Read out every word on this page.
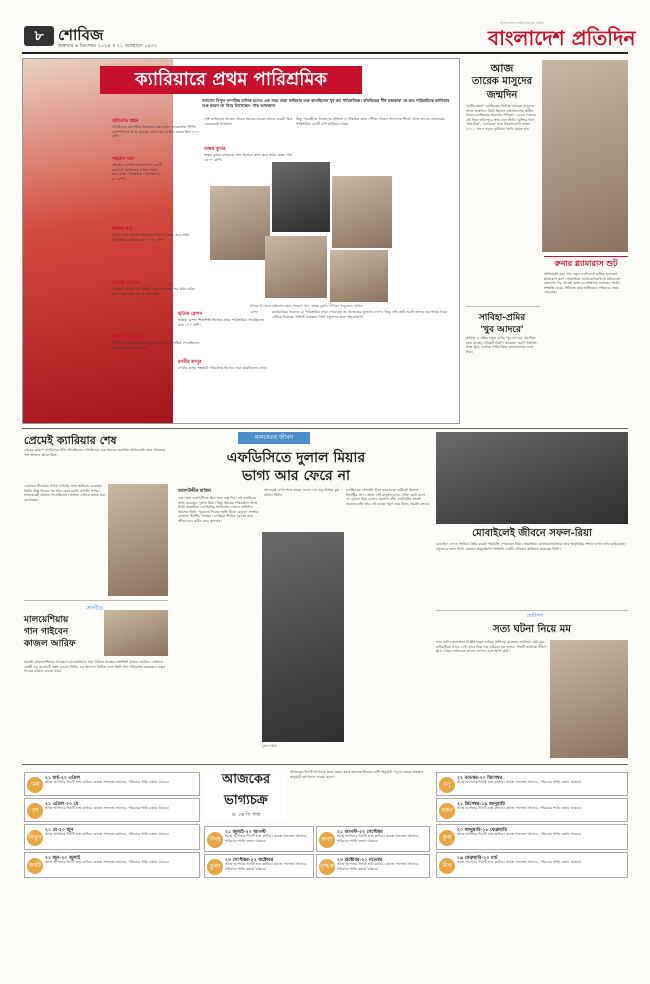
৮ শোবিজ
শুক্রবার ৬ ডিসেম্বর ২০২৪ ॥ ২১ অগ্রহায়ণ ১৪৩১
বাংলাদেশের সর্বাধিক প্রচারিত দৈনিক
বাংলাদেশ প্রতিদিন
ক্যারিয়ারে প্রথম পারিশ্রমিক
বর্তমানে বিপুল সম্পত্তির মালিক হলেও এক সময় তারা কারিয়ার শুরু করেছিলেন খুব কম পারিশ্রমিকে। বলিউডের শীর্ষ তারকারা কে কত পারিশ্রমিকে ক্যারিয়ার শুরু করেন তা নিয়ে লিখেছেন- পান্থ আফজাল
অমিতাভ বচ্চন
বলিউডের মেগাস্টার অমিতাভ বচ্চন যখন কলকাতায় শিপিং কোম্পানিতে কাজ করতেন তখন তার মাসিক বেতন ছিল ৫০০ রুপি।
শাহরুখ খান
বলিউড বাদশাহ শাহরুখ খান একটি কনসার্টে অ্যাশারের দায়িত্ব পালন করে প্রথম পারিশ্রমিক পেয়েছিলেন ৫০ রুপি।
আমির খান
আমির খান সহকারী পরিচালক হিসেবে কাজ করে প্রথম পারিশ্রমিক পেয়েছিলেন ১০০০ রুপি।
প্রিয়াঙ্কা চোপড়া
প্রিয়াঙ্কা চোপড়া মিস ওয়ার্ল্ড খেতাব জেতার পর প্রথম ছবির জন্য পারিশ্রমিক পান ৫ লাখ রুপি।
দীপিকা পাড়ুকোন
দীপিকা পাড়ুকোন মডেল হিসেবে প্রথম পারিশ্রমিক পেয়েছিলেন মাত্র কয়েক হাজার রুপি।
সেই তালিকায় আছেন আরও অনেক তারকা যাদের শুরুটা ছিল একেবারেই সাধারণ।
অক্ষয় কুমার
অক্ষয় কুমার ব্যাংককে শেফ হিসেবে কাজ করে প্রথম বেতন পান ১৫০০ রুপি।
কিন্তু পরবর্তীতে নিজেদের প্রতিভা ও পরিশ্রমে তারা পৌঁছে গেছেন সাফল্যের শীর্ষে। আজ তাদের প্রত্যেকের পারিশ্রমিক কোটি রুপি ছাড়িয়ে গেছে।
উপরে বাঁ থেকে অমিতাভ বচ্চন, শাহরুখ খান, অক্ষয় কুমার, দীপিকা পাড়ুকোন, হৃতিক রোশন
হৃতিক রোশন
হৃতিক রোশন শিশুশিল্পী হিসেবে প্রথম পারিশ্রমিক পেয়েছিলেন মাত্র ১০০ রুপি।
রণবীর কাপুর
রণবীর কাপুর সহকারী পরিচালক হিসেবে শুরু করেছিলেন কাজ।
ক্যারিয়ারের শুরুতে যে পারিশ্রমিক তারা পেয়েছেন তা আজকের তুলনায় নগণ্য। কিন্তু সেই ছোট শুরুই তাদের বড় স্বপ্নের দিকে এগিয়ে দিয়েছে। প্রতিটি তারকার গল্পই নতুনদের জন্য অনুপ্রেরণা।
আজ
তারেক মাসুদের
জন্মদিন
'মাটির ময়না' চলচ্চিত্রের নির্মাতা তারেক মাসুদের আজ জন্মদিন। তিনি ছিলেন বাংলাদেশের স্বাধীন ধারার চলচ্চিত্রের অন্যতম পথিকৃৎ। ১৯৫৬ সালের এই দিনে ফরিদপুরে জন্ম নেন তিনি। 'মুক্তির গান', 'অন্তর্যাত্রা', 'রানওয়ে' তার উল্লেখযোগ্য কাজ। ২০১১ সালে সড়ক দুর্ঘটনায় তিনি প্রয়াত হন।
সাবিহা-প্রমির
'খুব আদরে'
সাবিহা ও প্রমির নতুন নাটক 'খুব আদরে' প্রচারিত হতে যাচ্ছে। নাটকটি নির্মাণ করেছেন তরুণ নির্মাতা। গল্পে উঠে এসেছে পারিবারিক ভালোবাসার নানা দিক।
রুনার গ্ল্যামারাস শুট
অভিনেত্রী রুনা খান নতুন ফটোশুটে হাজির হয়েছেন গ্ল্যামারাস রূপে। সামাজিক যোগাযোগমাধ্যমে ছবিগুলো প্রকাশের পর থেকেই ভক্তদের প্রশংসায় ভাসছেন তিনি। সম্প্রতি ওয়েব সিরিজে তার অভিনয়ও দর্শকদের নজর কেড়েছে।
প্রেমেই ক্যারিয়ার শেষ
প্রেমের কারণে ক্যারিয়ারে ইতি টেনেছিলেন বলিউডের এক সময়ের জনপ্রিয় অভিনেত্রী। তার জীবনের গল্প আজও আলোচিত।
একসময় সিনেমার পর্দায় দাপটের সঙ্গে অভিনয় করেছেন তিনি। কিন্তু বিয়ের পর আর ফেরা হয়নি রুপালি পর্দায়। সংসারকেই প্রাধান্য দিয়েছিলেন। ভক্তরা এখনও তাকে মনে রেখেছেন।
সংগীত
মালয়েশিয়ায়
গান গাইবেন
কাজল আরিফ
প্রবাসী বাংলাদেশিদের আমন্ত্রণে মালয়েশিয়ায় গান গাইতে যাচ্ছেন কণ্ঠশিল্পী কাজল আরিফ। সেখানে একটি বড় কনসার্টে অংশ নেবেন তিনি। এর আগেও বিভিন্ন দেশে তিনি গান পরিবেশন করেছেন। নতুন গানের কাজও চলছে তার।
মানবেতর জীবন
এফডিসিতে দুলাল মিয়ার
ভাগ্য আর ফেরে না
আলাউদ্দীন মাজিদ
এক সময় এফডিসিতে ছিল তার ব্যস্ত দিন। বহু চলচ্চিত্রে কাজ করেছেন দুলাল মিয়া। কিন্তু সময়ের পরিবর্তনে আজ তিনি কাজহীন। এফডিসির আঙিনায় এখনও প্রতিদিন আসেন তিনি, পুরোনো দিনের স্মৃতি খুঁজে বেড়ান। সংসার চালাতে হিমশিম খাচ্ছেন। চলচ্চিত্র শিল্পের দুরবস্থা তার জীবনকেও কঠিন করে তুলেছে।
অনেকেই এখন আর তাকে চেনেন না। তবু আশায় বুক বাঁধেন তিনি।
দুলাল মিয়া
চলচ্চিত্রের সোনালি দিনে তার মতো কর্মীরাই ছিলেন ইন্ডাস্ট্রির প্রাণ। আজ সেই মানুষগুলোর খোঁজ কেউ রাখে না। দুলাল মিয়া বলেন, যতদিন বাঁচি এফডিসির সঙ্গেই থাকতে চাই। তার এই চাওয়া পূরণ হবে কিনা, সময়ই বলবে।
মোবাইলেই জীবনে সফল-রিয়া
মোবাইল ফোনে ভিডিও তৈরি করেই পরিচিতি পেয়েছেন রিয়া। সামাজিক যোগাযোগমাধ্যমে তার অনুসারীর সংখ্যা এখন লাখ ছাড়িয়েছে। নতুনদের জন্য তিনি একজন অনুপ্রেরণা। সম্প্রতি একটি নাটকেও অভিনয় করেছেন তিনি।
ছোটপর্দা
সত্য ঘটনা নিয়ে মম
সত্য ঘটনা অবলম্বনে নির্মিত নতুন নাটকে অভিনয় করেছেন জাকিয়া বারী মম। নাটকটিতে তাকে দেখা যাবে ভিন্ন এক চরিত্রে। মম বলেন, গল্পটি আমাকে ভীষণ ছুঁয়ে গেছে। দর্শকেরও ভালো লাগবে বলে আশা করি।
আজকের
ভাগ্যচক্র
ড. কে সি পাল
আজকের দিনটি আপনার জন্য কেমন যাবে জানতে নিজের রাশি অনুযায়ী পড়ুন। গ্রহের অবস্থান অনুযায়ী ভাগ্যফল দেওয়া হলো।
মেষ
২১ মার্চ-২০ এপ্রিল
আজ আপনার দিনটি শুভ কাটবে। কাজে সফলতা আসবে, পরিবারে শান্তি বজায় থাকবে।
বৃষ
২১ এপ্রিল-২০ মে
আজ আপনার দিনটি শুভ কাটবে। কাজে সফলতা আসবে, পরিবারে শান্তি বজায় থাকবে।
মিথুন
২১ মে-২০ জুন
আজ আপনার দিনটি শুভ কাটবে। কাজে সফলতা আসবে, পরিবারে শান্তি বজায় থাকবে।
কর্কট
২১ জুন-২০ জুলাই
আজ আপনার দিনটি শুভ কাটবে। কাজে সফলতা আসবে, পরিবারে শান্তি বজায় থাকবে।
সিংহ
২১ জুলাই-২০ আগস্ট
আজ আপনার দিনটি শুভ কাটবে। কাজে সফলতা আসবে, পরিবারে শান্তি বজায় থাকবে।	কন্যা
২১ আগস্ট-২২ সেপ্টেম্বর
আজ আপনার দিনটি শুভ কাটবে। কাজে সফলতা আসবে, পরিবারে শান্তি বজায় থাকবে।
তুলা
২৩ সেপ্টেম্বর-২২ অক্টোবর
আজ আপনার দিনটি শুভ কাটবে। কাজে সফলতা আসবে, পরিবারে শান্তি বজায় থাকবে।	বৃশ্চিক
২৩ অক্টোবর-২১ নভেম্বর
আজ আপনার দিনটি শুভ কাটবে। কাজে সফলতা আসবে, পরিবারে শান্তি বজায় থাকবে।
ধনু
২২ নভেম্বর-২০ ডিসেম্বর
আজ আপনার দিনটি শুভ কাটবে। কাজে সফলতা আসবে, পরিবারে শান্তি বজায় থাকবে।
মকর
২১ ডিসেম্বর-১৯ জানুয়ারি
আজ আপনার দিনটি শুভ কাটবে। কাজে সফলতা আসবে, পরিবারে শান্তি বজায় থাকবে।
কুম্ভ
২০ জানুয়ারি-১৮ ফেব্রুয়ারি
আজ আপনার দিনটি শুভ কাটবে। কাজে সফলতা আসবে, পরিবারে শান্তি বজায় থাকবে।
মীন
১৯ ফেব্রুয়ারি-২০ মার্চ
আজ আপনার দিনটি শুভ কাটবে। কাজে সফলতা আসবে, পরিবারে শান্তি বজায় থাকবে।
